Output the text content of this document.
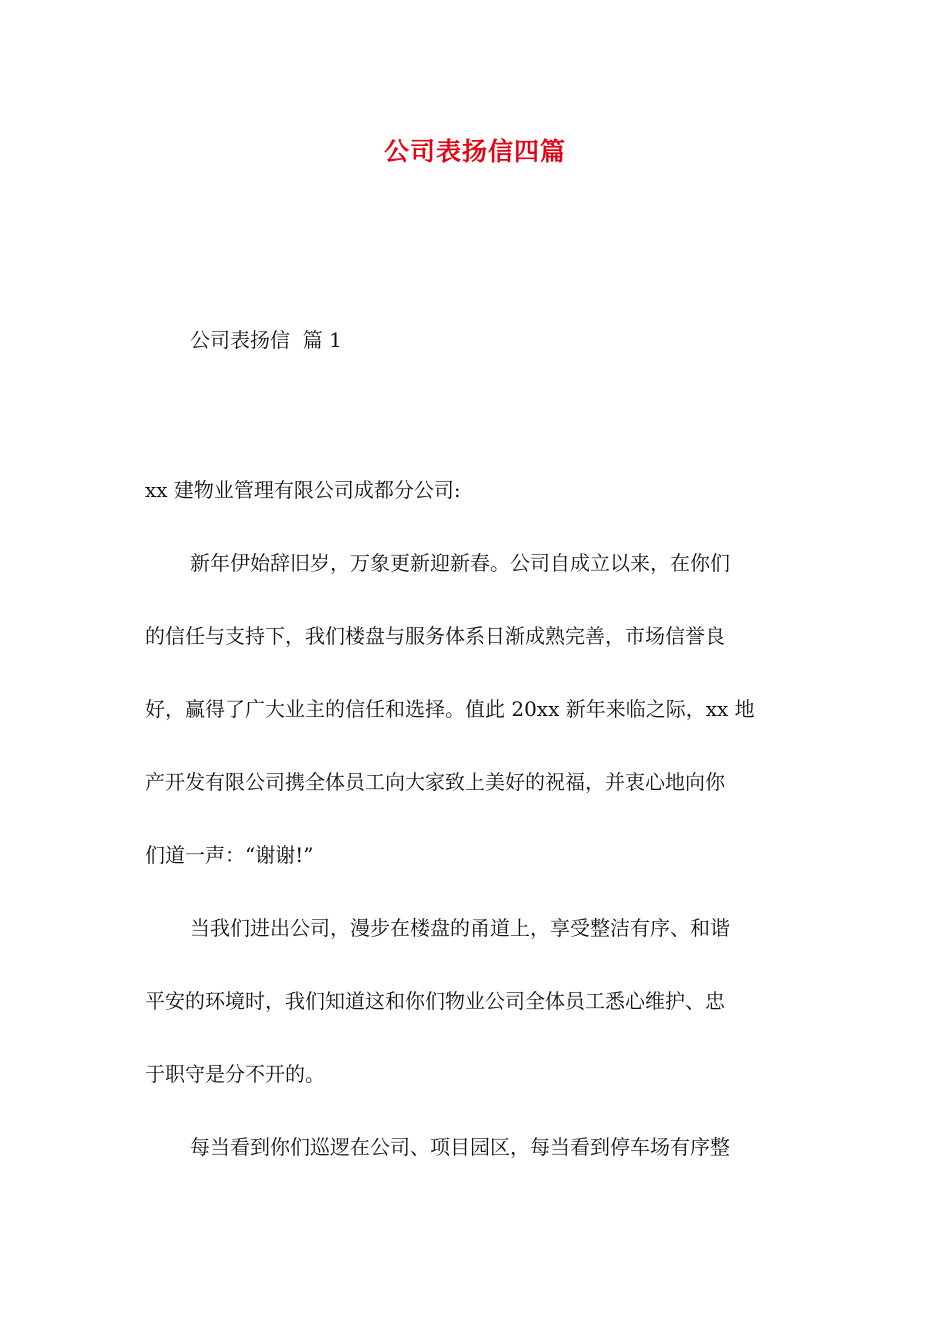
公司表扬信四篇

公司表扬信  篇 1

xx 建物业管理有限公司成都分公司:

新年伊始辞旧岁，万象更新迎新春。公司自成立以来，在你们
的信任与支持下，我们楼盘与服务体系日渐成熟完善，市场信誉良
好，赢得了广大业主的信任和选择。值此 20xx 新年来临之际，xx 地
产开发有限公司携全体员工向大家致上美好的祝福，并衷心地向你
们道一声：“谢谢!”
当我们进出公司，漫步在楼盘的甬道上，享受整洁有序、和谐
平安的环境时，我们知道这和你们物业公司全体员工悉心维护、忠
于职守是分不开的。
每当看到你们巡逻在公司、项目园区，每当看到停车场有序整
